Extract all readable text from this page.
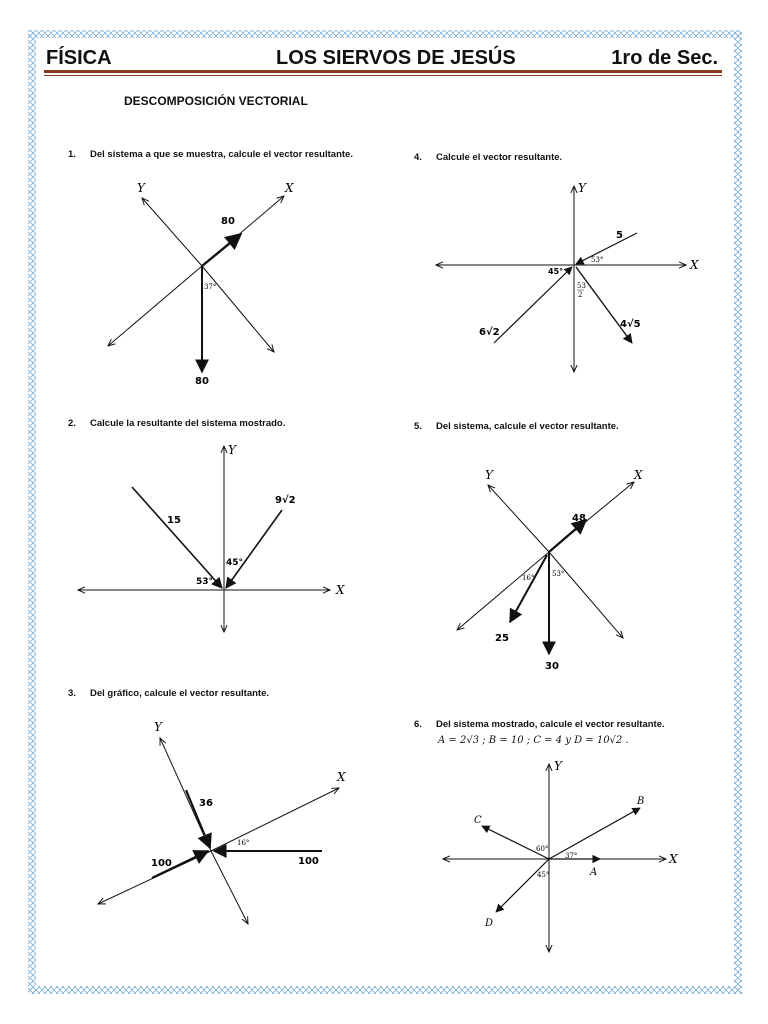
FÍSICA	LOS SIERVOS DE JESÚS	1ro de Sec.
DESCOMPOSICIÓN VECTORIAL
1. Del sistema a que se muestra, calcule el vector resultante.
2. Calcule la resultante del sistema mostrado.
3. Del gráfico, calcule el vector resultante.
4. Calcule el vector resultante.
5. Del sistema, calcule el vector resultante.
6. Del sistema mostrado, calcule el vector resultante.
A = 2√3 ; B = 10 ; C = 4 y D = 10√2 .
Y	X
80
80
37°
Y
X
15
9√2
53°
45°
Y
X
36
100	100
16°
Y
X
5
6√2
4√5
45°
53°
53
2
Y	X
48
25
30
16°	53°
Y
X
A
B
C
D
60°
37°
45°
